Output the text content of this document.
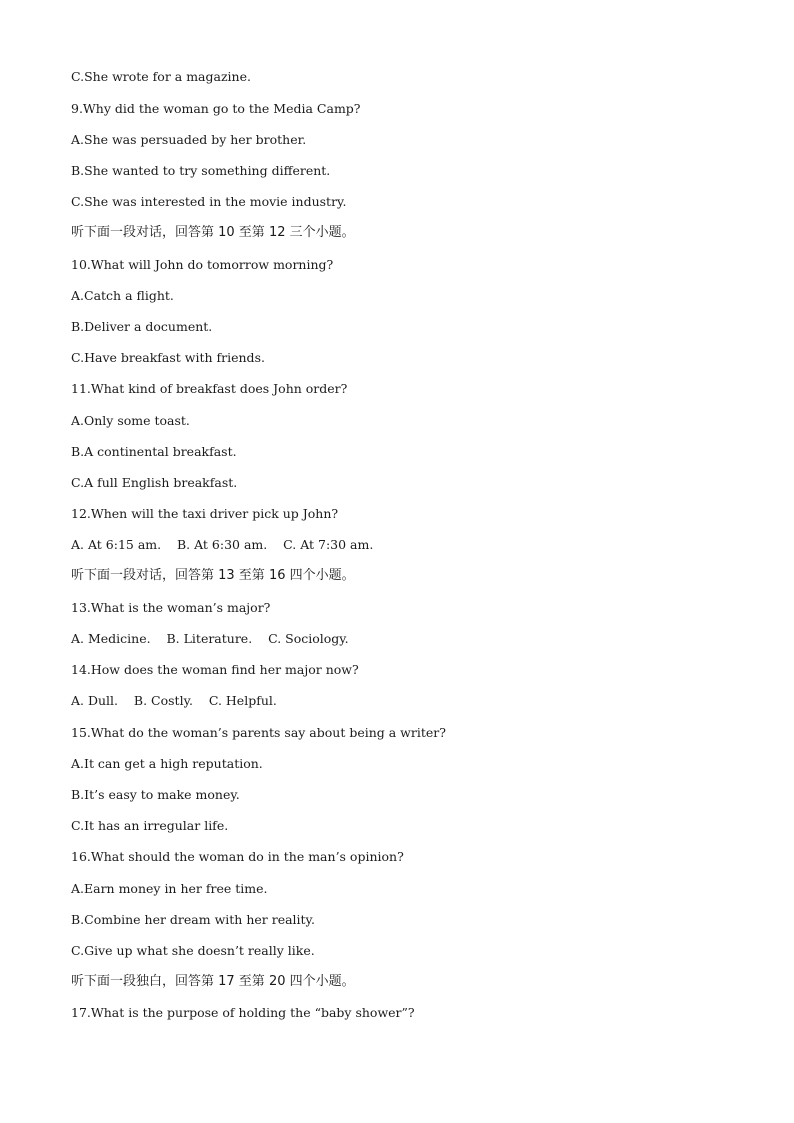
C.She wrote for a magazine.
9.Why did the woman go to the Media Camp?
A.She was persuaded by her brother.
B.She wanted to try something different.
C.She was interested in the movie industry.
听下面一段对话，回答第 10 至第 12 三个小题。
10.What will John do tomorrow morning?
A.Catch a flight.
B.Deliver a document.
C.Have breakfast with friends.
11.What kind of breakfast does John order?
A.Only some toast.
B.A continental breakfast.
C.A full English breakfast.
12.When will the taxi driver pick up John?
A. At 6:15 am.    B. At 6:30 am.    C. At 7:30 am.
听下面一段对话，回答第 13 至第 16 四个小题。
13.What is the woman’s major?
A. Medicine.    B. Literature.    C. Sociology.
14.How does the woman find her major now?
A. Dull.    B. Costly.    C. Helpful.
15.What do the woman’s parents say about being a writer?
A.It can get a high reputation.
B.It’s easy to make money.
C.It has an irregular life.
16.What should the woman do in the man’s opinion?
A.Earn money in her free time.
B.Combine her dream with her reality.
C.Give up what she doesn’t really like.
听下面一段独白，回答第 17 至第 20 四个小题。
17.What is the purpose of holding the “baby shower”?
